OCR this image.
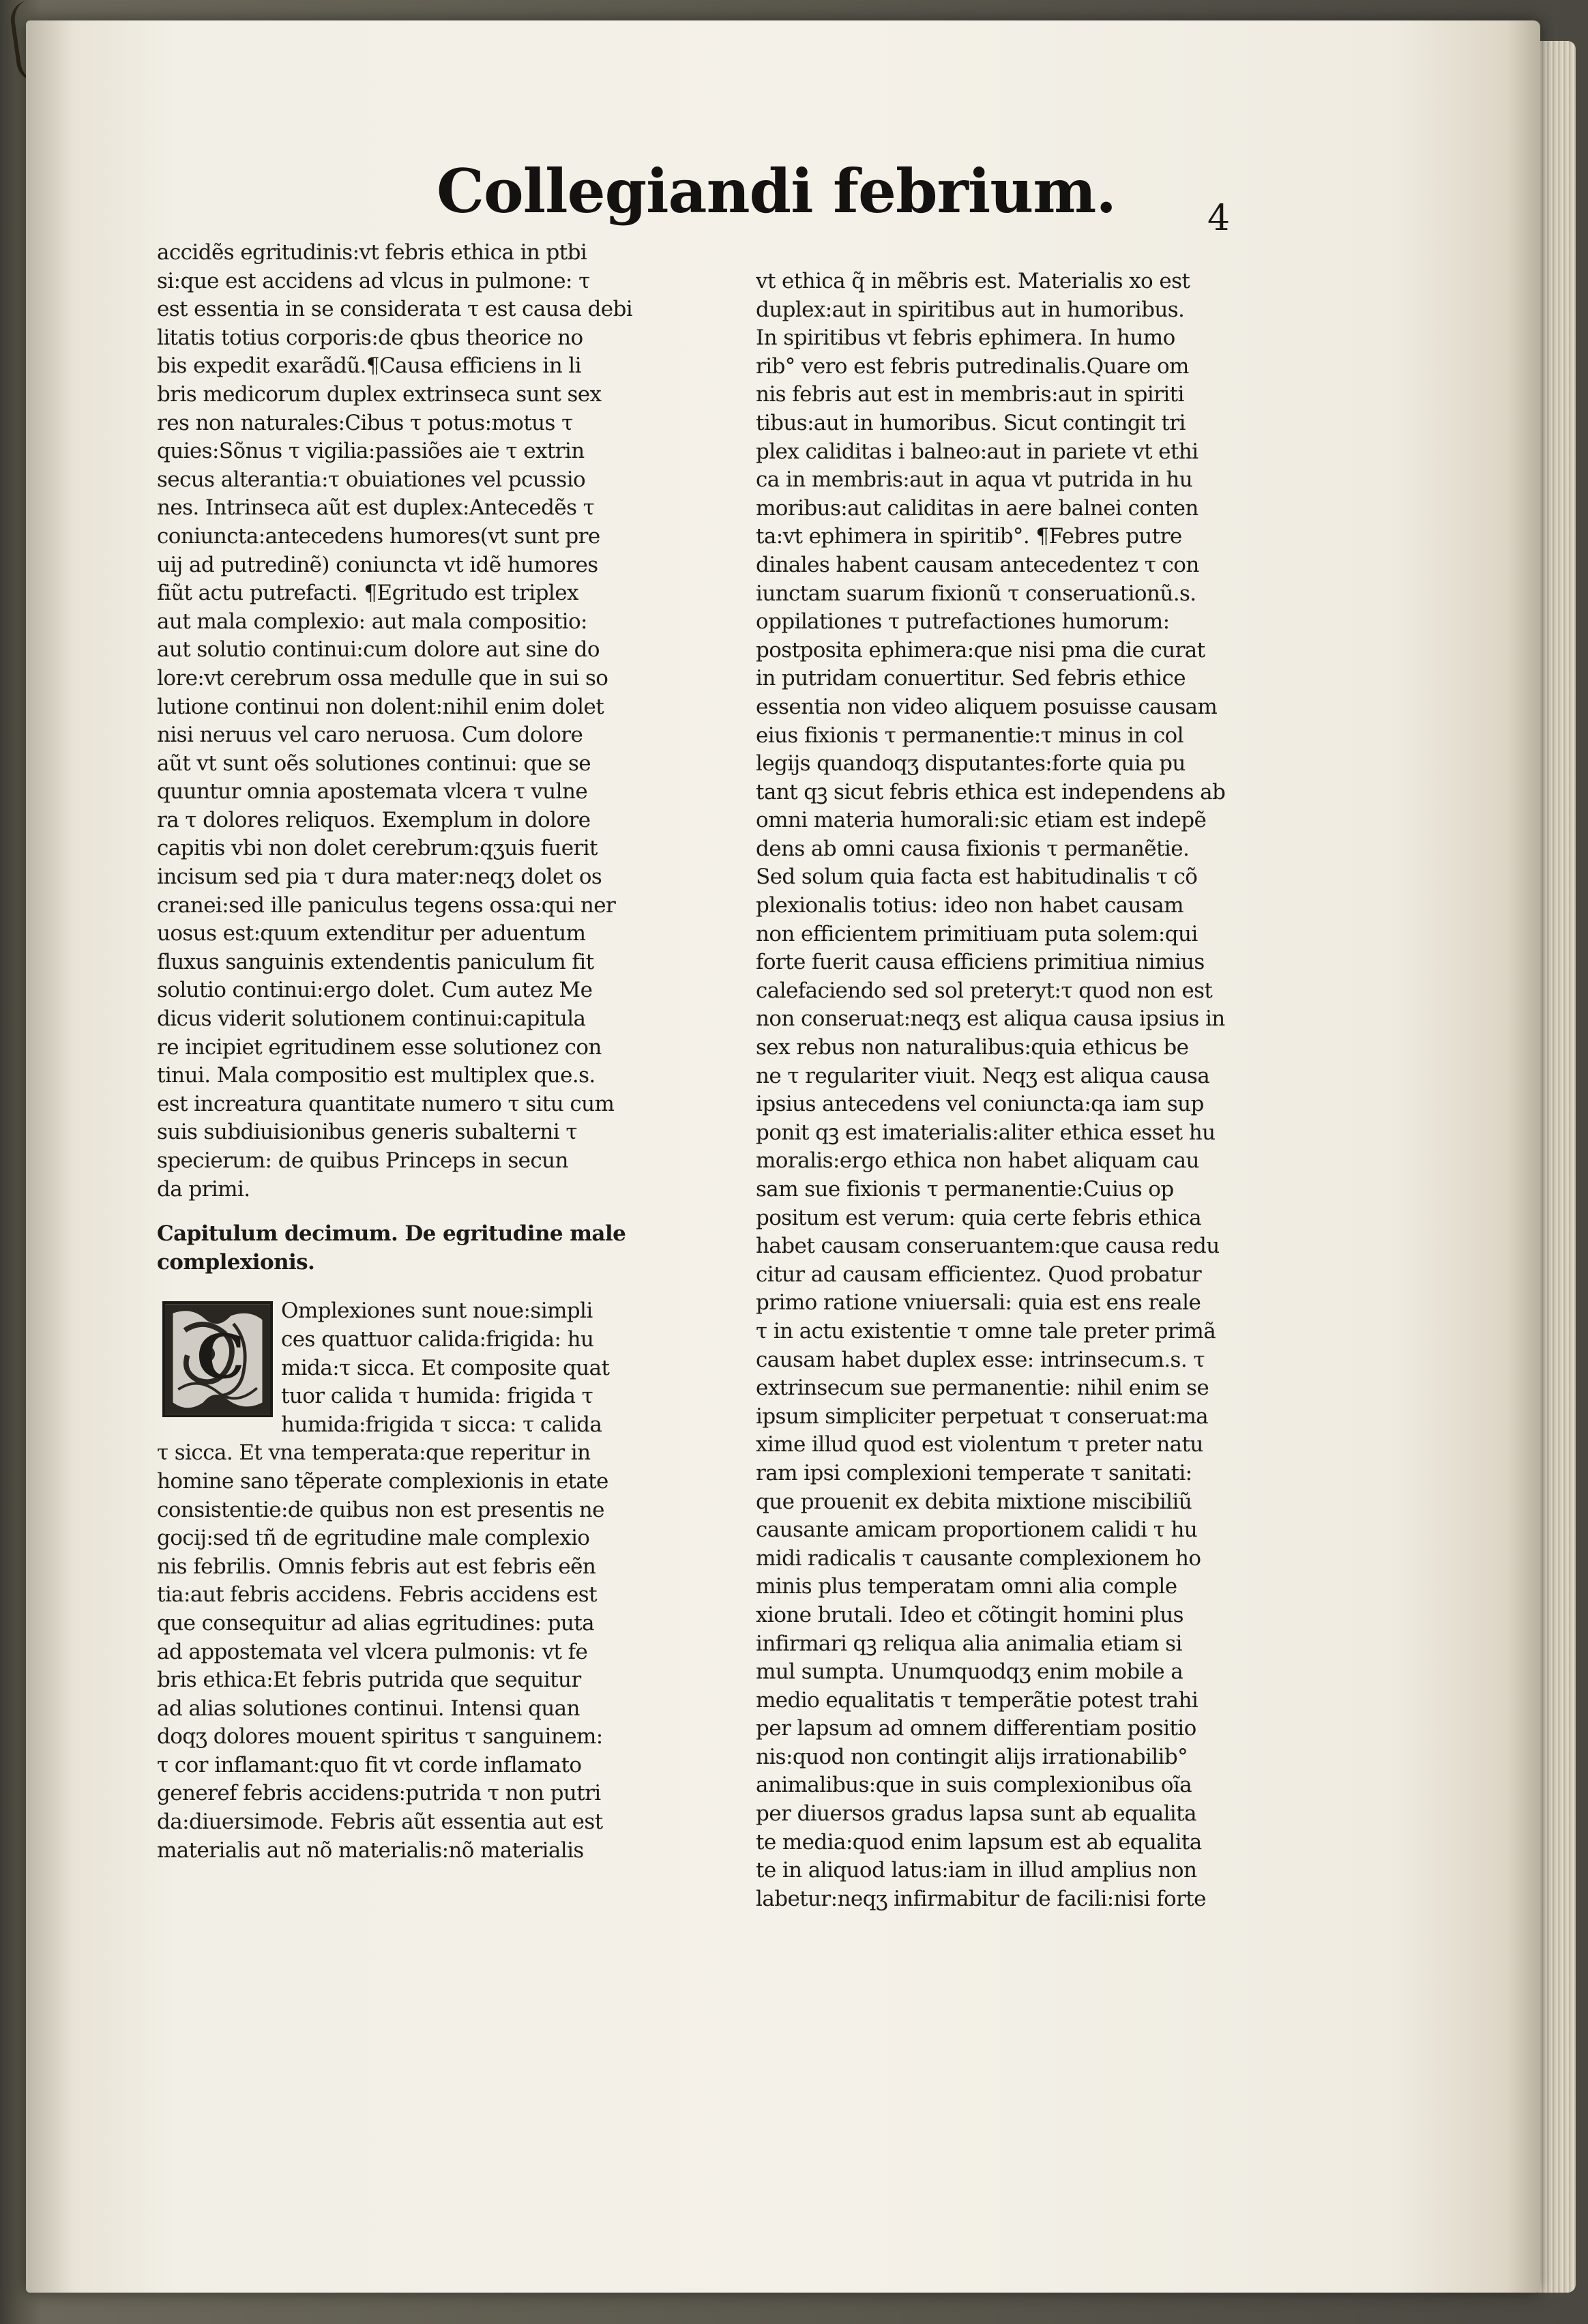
Collegiandi febrium.	4
accidẽs egritudinis:vt febris ethica in ptbi
si:que est accidens ad vlcus in pulmone: τ
est essentia in se considerata τ est causa debi
litatis totius corporis:de qbus theorice no
bis expedit exarãdũ.¶Causa efficiens in li
bris medicorum duplex extrinseca sunt sex
res non naturales:Cibus τ potus:motus τ
quies:Sõnus τ vigilia:passiões aie τ extrin
secus alterantia:τ obuiationes vel pcussio
nes. Intrinseca aũt est duplex:Antecedẽs τ
coniuncta:antecedens humores(vt sunt pre
uij ad putredinẽ) coniuncta vt idẽ humores
fiũt actu putrefacti. ¶Egritudo est triplex
aut mala complexio: aut mala compositio:
aut solutio continui:cum dolore aut sine do
lore:vt cerebrum ossa medulle que in sui so
lutione continui non dolent:nihil enim dolet
nisi neruus vel caro neruosa. Cum dolore
aũt vt sunt oẽs solutiones continui: que se
quuntur omnia apostemata vlcera τ vulne
ra τ dolores reliquos. Exemplum in dolore
capitis vbi non dolet cerebrum:qʒuis fuerit
incisum sed pia τ dura mater:neqʒ dolet os
cranei:sed ille paniculus tegens ossa:qui ner
uosus est:quum extenditur per aduentum
fluxus sanguinis extendentis paniculum fit
solutio continui:ergo dolet. Cum autez Me
dicus viderit solutionem continui:capitula
re incipiet egritudinem esse solutionez con
tinui. Mala compositio est multiplex que.s.
est increatura quantitate numero τ situ cum
suis subdiuisionibus generis subalterni τ
specierum: de quibus Princeps in secun
da primi.
Capitulum decimum. De egritudine male
complexionis.
C
Omplexiones sunt noue:simpli
ces quattuor calida:frigida: hu
mida:τ sicca. Et composite quat
tuor calida τ humida: frigida τ
humida:frigida τ sicca: τ calida
τ sicca. Et vna temperata:que reperitur in
homine sano tẽperate complexionis in etate
consistentie:de quibus non est presentis ne
gocij:sed tñ de egritudine male complexio
nis febrilis. Omnis febris aut est febris eẽn
tia:aut febris accidens. Febris accidens est
que consequitur ad alias egritudines: puta
ad appostemata vel vlcera pulmonis: vt fe
bris ethica:Et febris putrida que sequitur
ad alias solutiones continui. Intensi quan
doqʒ dolores mouent spiritus τ sanguinem:
τ cor inflamant:quo fit vt corde inflamato
generef febris accidens:putrida τ non putri
da:diuersimode. Febris aũt essentia aut est
materialis aut nõ materialis:nõ materialis
vt ethica q̃ in mẽbris est. Materialis xo est
duplex:aut in spiritibus aut in humoribus.
In spiritibus vt febris ephimera. In humo
rib° vero est febris putredinalis.Quare om
nis febris aut est in membris:aut in spiriti
tibus:aut in humoribus. Sicut contingit tri
plex caliditas i balneo:aut in pariete vt ethi
ca in membris:aut in aqua vt putrida in hu
moribus:aut caliditas in aere balnei conten
ta:vt ephimera in spiritib°. ¶Febres putre
dinales habent causam antecedentez τ con
iunctam suarum fixionũ τ conseruationũ.s.
oppilationes τ putrefactiones humorum:
postposita ephimera:que nisi pma die curat
in putridam conuertitur. Sed febris ethice
essentia non video aliquem posuisse causam
eius fixionis τ permanentie:τ minus in col
legijs quandoqʒ disputantes:forte quia pu
tant qꝫ sicut febris ethica est independens ab
omni materia humorali:sic etiam est indepẽ
dens ab omni causa fixionis τ permanẽtie.
Sed solum quia facta est habitudinalis τ cõ
plexionalis totius: ideo non habet causam
non efficientem primitiuam puta solem:qui
forte fuerit causa efficiens primitiua nimius
calefaciendo sed sol preteryt:τ quod non est
non conseruat:neqʒ est aliqua causa ipsius in
sex rebus non naturalibus:quia ethicus be
ne τ regulariter viuit. Neqʒ est aliqua causa
ipsius antecedens vel coniuncta:qa iam sup
ponit qꝫ est imaterialis:aliter ethica esset hu
moralis:ergo ethica non habet aliquam cau
sam sue fixionis τ permanentie:Cuius op
positum est verum: quia certe febris ethica
habet causam conseruantem:que causa redu
citur ad causam efficientez. Quod probatur
primo ratione vniuersali: quia est ens reale
τ in actu existentie τ omne tale preter primã
causam habet duplex esse: intrinsecum.s. τ
extrinsecum sue permanentie: nihil enim se
ipsum simpliciter perpetuat τ conseruat:ma
xime illud quod est violentum τ preter natu
ram ipsi complexioni temperate τ sanitati:
que prouenit ex debita mixtione miscibiliũ
causante amicam proportionem calidi τ hu
midi radicalis τ causante complexionem ho
minis plus temperatam omni alia comple
xione brutali. Ideo et cõtingit homini plus
infirmari qꝫ reliqua alia animalia etiam si
mul sumpta. Unumquodqʒ enim mobile a
medio equalitatis τ temperãtie potest trahi
per lapsum ad omnem differentiam positio
nis:quod non contingit alijs irrationabilib°
animalibus:que in suis complexionibus oĩa
per diuersos gradus lapsa sunt ab equalita
te media:quod enim lapsum est ab equalita
te in aliquod latus:iam in illud amplius non
labetur:neqʒ infirmabitur de facili:nisi forte
